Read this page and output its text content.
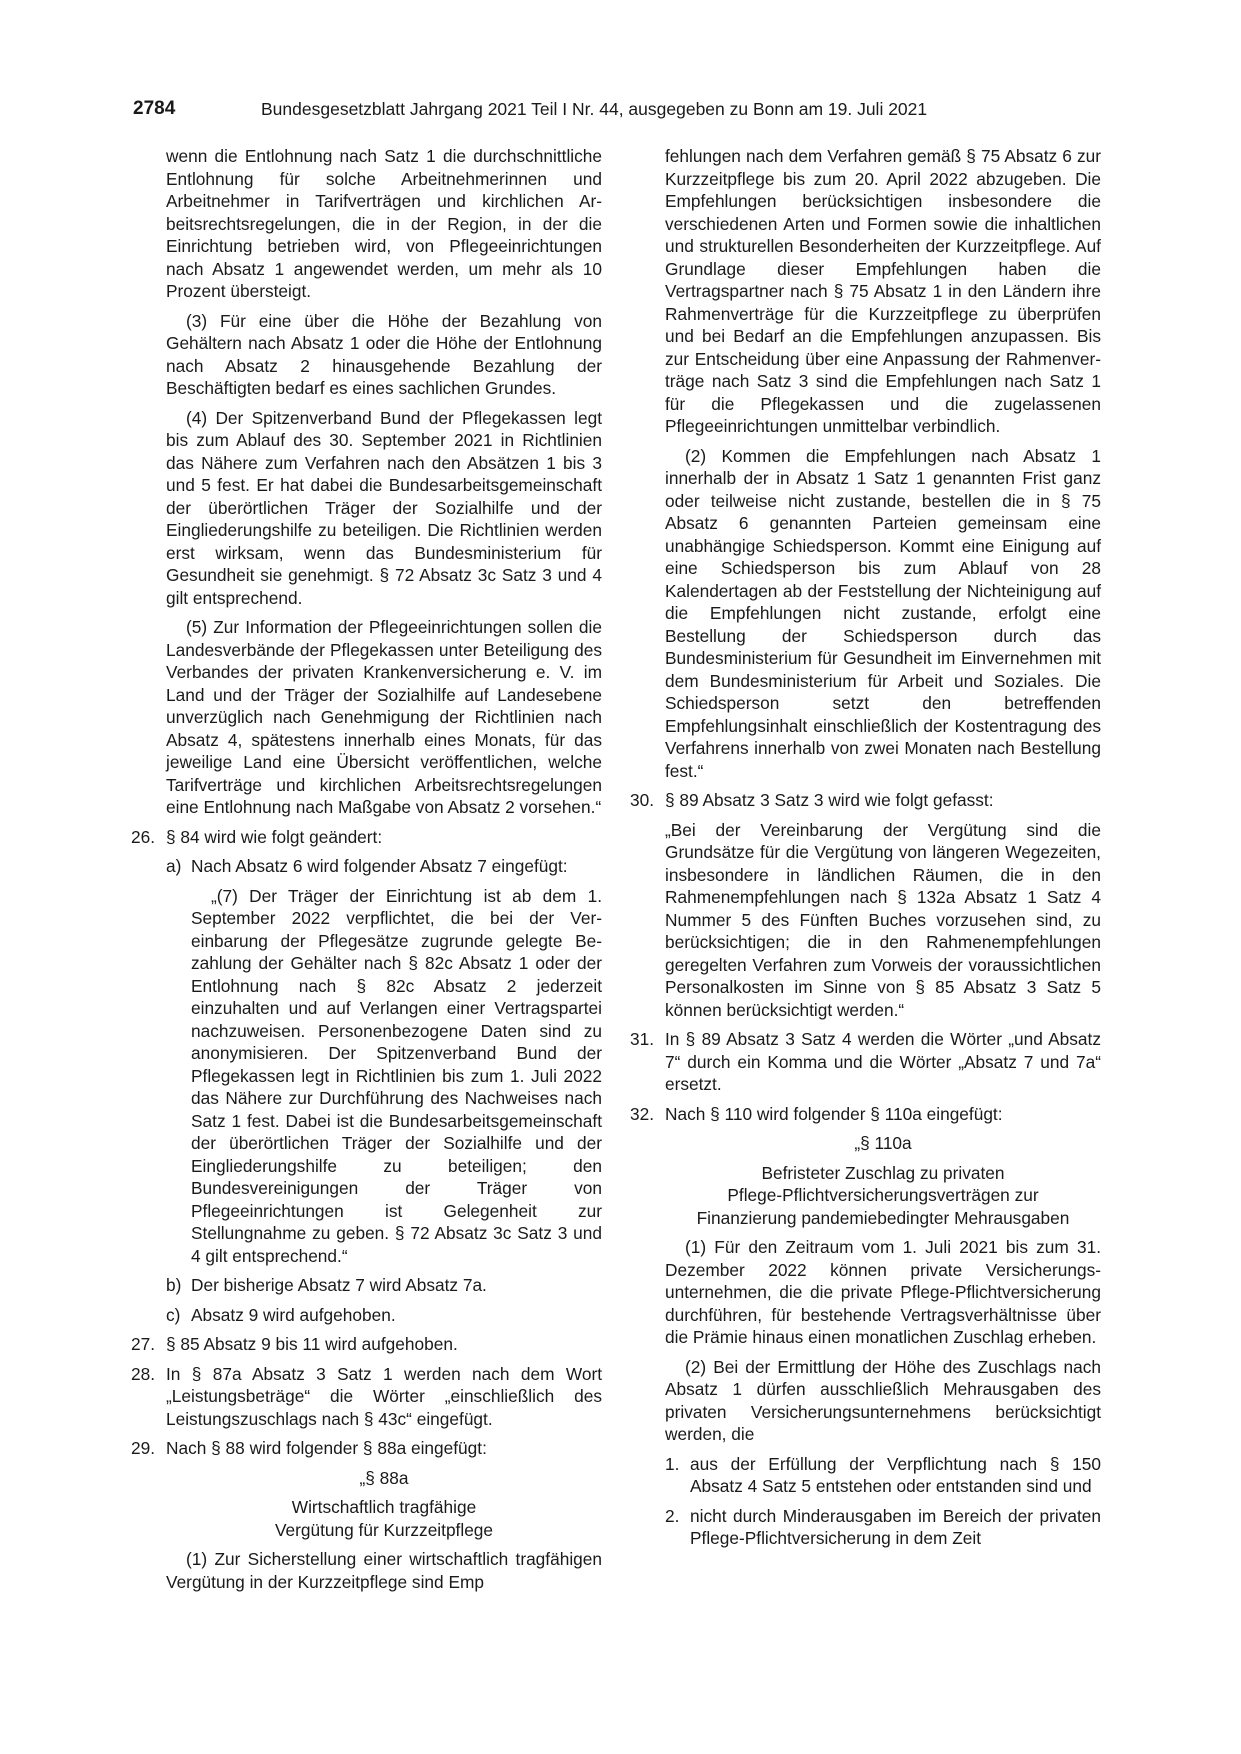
2784	Bundesgesetzblatt Jahrgang 2021 Teil I Nr. 44, ausgegeben zu Bonn am 19. Juli 2021

wenn die Entlohnung nach Satz 1 die durchschnittliche Entlohnung für solche Arbeitnehmerinnen und Arbeitnehmer in Tarifverträgen und kirchlichen Arbeitsrechtsregelungen, die in der Region, in der die Einrichtung betrieben wird, von Pflegeeinrichtungen nach Absatz 1 angewendet werden, um mehr als 10 Prozent übersteigt.

(3) Für eine über die Höhe der Bezahlung von Gehältern nach Absatz 1 oder die Höhe der Entlohnung nach Absatz 2 hinausgehende Bezahlung der Beschäftigten bedarf es eines sachlichen Grundes.

(4) Der Spitzenverband Bund der Pflegekassen legt bis zum Ablauf des 30. September 2021 in Richtlinien das Nähere zum Verfahren nach den Absätzen 1 bis 3 und 5 fest. Er hat dabei die Bundesarbeitsgemeinschaft der überörtlichen Träger der Sozialhilfe und der Eingliederungshilfe zu beteiligen. Die Richtlinien werden erst wirksam, wenn das Bundesministerium für Gesundheit sie genehmigt. § 72 Absatz 3c Satz 3 und 4 gilt entsprechend.

(5) Zur Information der Pflegeeinrichtungen sollen die Landesverbände der Pflegekassen unter Beteiligung des Verbandes der privaten Krankenversicherung e. V. im Land und der Träger der Sozialhilfe auf Landesebene unverzüglich nach Genehmigung der Richtlinien nach Absatz 4, spätestens innerhalb eines Monats, für das jeweilige Land eine Übersicht veröffentlichen, welche Tarifverträge und kirchlichen Arbeitsrechtsregelungen eine Entlohnung nach Maßgabe von Absatz 2 vorsehen.“

26. § 84 wird wie folgt geändert:
a) Nach Absatz 6 wird folgender Absatz 7 eingefügt:

„(7) Der Träger der Einrichtung ist ab dem 1. September 2022 verpflichtet, die bei der Vereinbarung der Pflegesätze zugrunde gelegte Bezahlung der Gehälter nach § 82c Absatz 1 oder der Entlohnung nach § 82c Absatz 2 jederzeit einzuhalten und auf Verlangen einer Vertragspartei nachzuweisen. Personenbezogene Daten sind zu anonymisieren. Der Spitzenverband Bund der Pflegekassen legt in Richtlinien bis zum 1. Juli 2022 das Nähere zur Durchführung des Nachweises nach Satz 1 fest. Dabei ist die Bundesarbeitsgemeinschaft der überörtlichen Träger der Sozialhilfe und der Eingliederungshilfe zu beteiligen; den Bundesvereinigungen der Träger von Pflegeeinrichtungen ist Gelegenheit zur Stellungnahme zu geben. § 72 Absatz 3c Satz 3 und 4 gilt entsprechend.“

b) Der bisherige Absatz 7 wird Absatz 7a.
c) Absatz 9 wird aufgehoben.
27. § 85 Absatz 9 bis 11 wird aufgehoben.
28. In § 87a Absatz 3 Satz 1 werden nach dem Wort „Leistungsbeträge“ die Wörter „einschließlich des Leistungszuschlags nach § 43c“ eingefügt.
29. Nach § 88 wird folgender § 88a eingefügt:

„§ 88a

Wirtschaftlich tragfähige

Vergütung für Kurzzeitpflege

(1) Zur Sicherstellung einer wirtschaftlich tragfähigen Vergütung in der Kurzzeitpflege sind Emp

fehlungen nach dem Verfahren gemäß § 75 Absatz 6 zur Kurzzeitpflege bis zum 20. April 2022 abzugeben. Die Empfehlungen berücksichtigen insbesondere die verschiedenen Arten und Formen sowie die inhaltlichen und strukturellen Besonderheiten der Kurzzeitpflege. Auf Grundlage dieser Empfehlungen haben die Vertragspartner nach § 75 Absatz 1 in den Ländern ihre Rahmenverträge für die Kurzzeitpflege zu überprüfen und bei Bedarf an die Empfehlungen anzupassen. Bis zur Entscheidung über eine Anpassung der Rahmenverträge nach Satz 3 sind die Empfehlungen nach Satz 1 für die Pflegekassen und die zugelassenen Pflegeeinrichtungen unmittelbar verbindlich.

(2) Kommen die Empfehlungen nach Absatz 1 innerhalb der in Absatz 1 Satz 1 genannten Frist ganz oder teilweise nicht zustande, bestellen die in § 75 Absatz 6 genannten Parteien gemeinsam eine unabhängige Schiedsperson. Kommt eine Einigung auf eine Schiedsperson bis zum Ablauf von 28 Kalendertagen ab der Feststellung der Nichteinigung auf die Empfehlungen nicht zustande, erfolgt eine Bestellung der Schiedsperson durch das Bundesministerium für Gesundheit im Einvernehmen mit dem Bundesministerium für Arbeit und Soziales. Die Schiedsperson setzt den betreffenden Empfehlungsinhalt einschließlich der Kostentragung des Verfahrens innerhalb von zwei Monaten nach Bestellung fest.“

30. § 89 Absatz 3 Satz 3 wird wie folgt gefasst:

„Bei der Vereinbarung der Vergütung sind die Grundsätze für die Vergütung von längeren Wegezeiten, insbesondere in ländlichen Räumen, die in den Rahmenempfehlungen nach § 132a Absatz 1 Satz 4 Nummer 5 des Fünften Buches vorzusehen sind, zu berücksichtigen; die in den Rahmenempfehlungen geregelten Verfahren zum Vorweis der voraussichtlichen Personalkosten im Sinne von § 85 Absatz 3 Satz 5 können berücksichtigt werden.“

31. In § 89 Absatz 3 Satz 4 werden die Wörter „und Absatz 7“ durch ein Komma und die Wörter „Absatz 7 und 7a“ ersetzt.
32. Nach § 110 wird folgender § 110a eingefügt:

„§ 110a

Befristeter Zuschlag zu privaten

Pflege-Pflichtversicherungsverträgen zur

Finanzierung pandemiebedingter Mehrausgaben

(1) Für den Zeitraum vom 1. Juli 2021 bis zum 31. Dezember 2022 können private Versicherungsunternehmen, die die private Pflege-Pflichtversicherung durchführen, für bestehende Vertragsverhältnisse über die Prämie hinaus einen monatlichen Zuschlag erheben.

(2) Bei der Ermittlung der Höhe des Zuschlags nach Absatz 1 dürfen ausschließlich Mehrausgaben des privaten Versicherungsunternehmens berücksichtigt werden, die

1. aus der Erfüllung der Verpflichtung nach § 150 Absatz 4 Satz 5 entstehen oder entstanden sind und
2. nicht durch Minderausgaben im Bereich der privaten Pflege-Pflichtversicherung in dem Zeit
